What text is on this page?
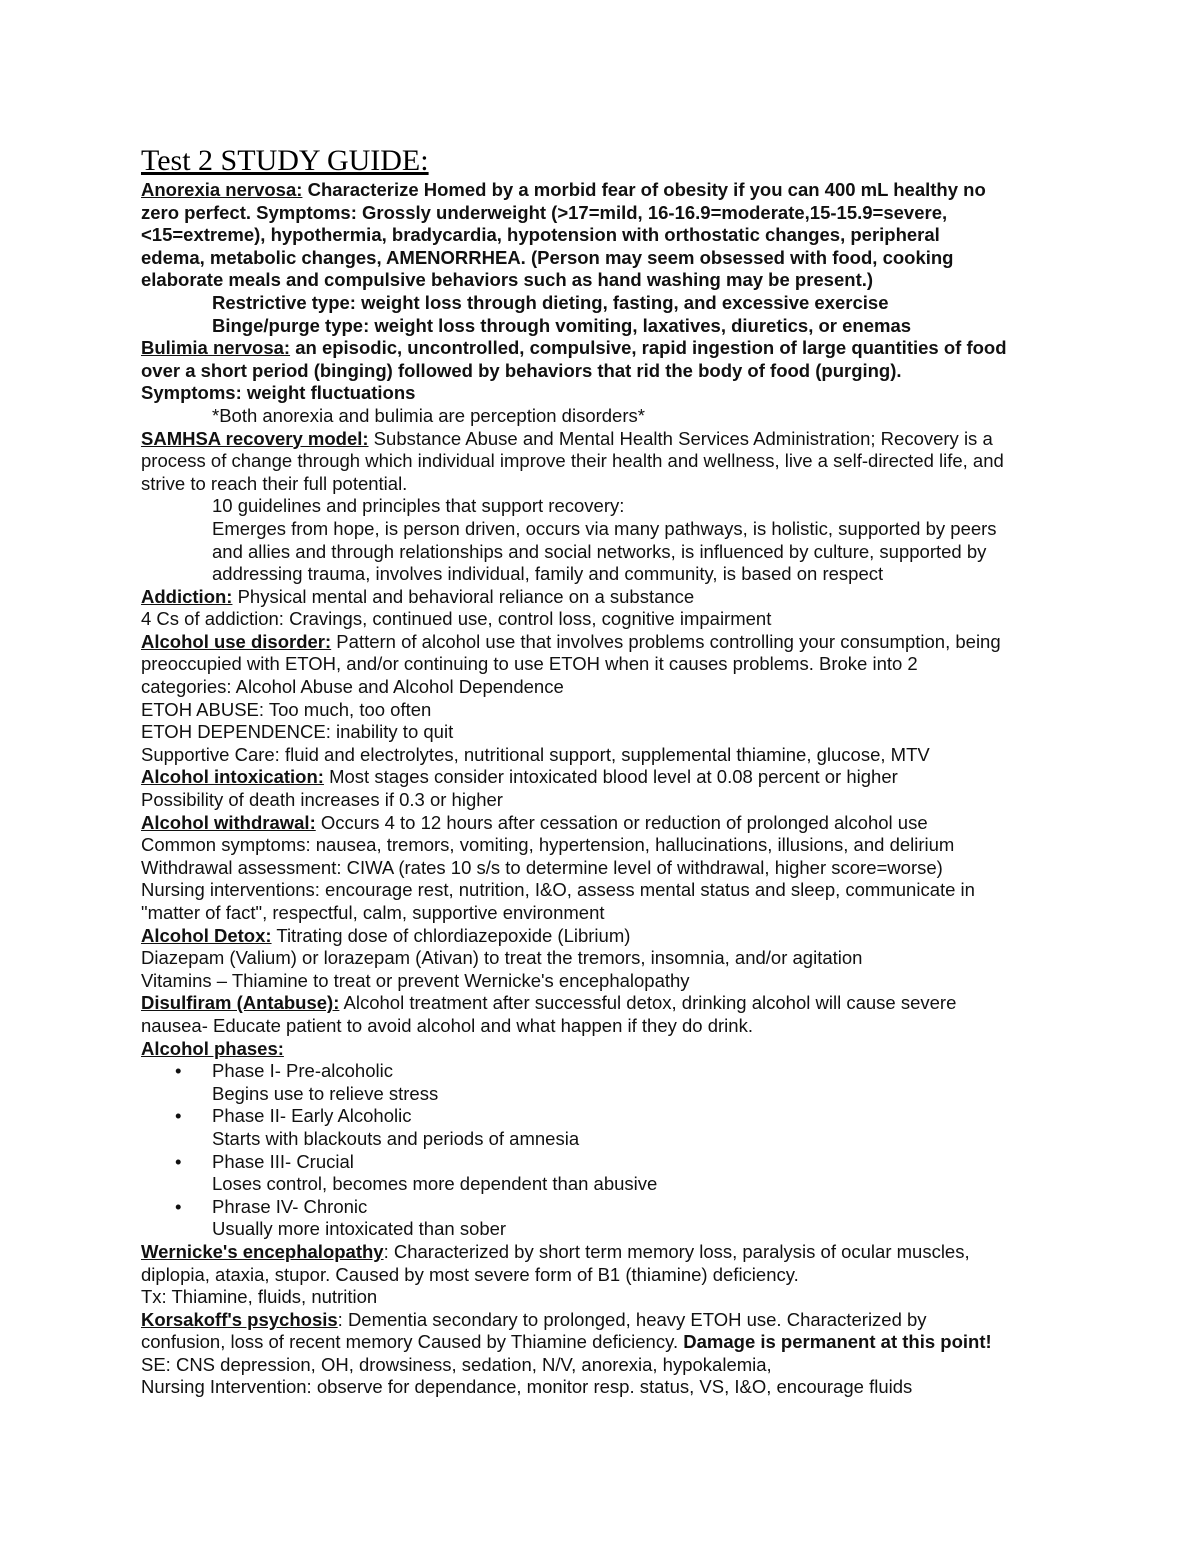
Test 2 STUDY GUIDE:
Anorexia nervosa: Characterize Homed by a morbid fear of obesity if you can 400 mL healthy no
zero perfect. Symptoms: Grossly underweight (>17=mild, 16-16.9=moderate,15-15.9=severe,
<15=extreme), hypothermia, bradycardia, hypotension with orthostatic changes, peripheral
edema, metabolic changes, AMENORRHEA. (Person may seem obsessed with food, cooking
elaborate meals and compulsive behaviors such as hand washing may be present.)
Restrictive type: weight loss through dieting, fasting, and excessive exercise
Binge/purge type: weight loss through vomiting, laxatives, diuretics, or enemas
Bulimia nervosa: an episodic, uncontrolled, compulsive, rapid ingestion of large quantities of food
over a short period (binging) followed by behaviors that rid the body of food (purging).
Symptoms: weight fluctuations
*Both anorexia and bulimia are perception disorders*
SAMHSA recovery model: Substance Abuse and Mental Health Services Administration; Recovery is a
process of change through which individual improve their health and wellness, live a self-directed life, and
strive to reach their full potential.
10 guidelines and principles that support recovery:
Emerges from hope, is person driven, occurs via many pathways, is holistic, supported by peers
and allies and through relationships and social networks, is influenced by culture, supported by
addressing trauma, involves individual, family and community, is based on respect
Addiction: Physical mental and behavioral reliance on a substance
4 Cs of addiction: Cravings, continued use, control loss, cognitive impairment
Alcohol use disorder: Pattern of alcohol use that involves problems controlling your consumption, being
preoccupied with ETOH, and/or continuing to use ETOH when it causes problems. Broke into 2
categories: Alcohol Abuse and Alcohol Dependence
ETOH ABUSE: Too much, too often
ETOH DEPENDENCE: inability to quit
Supportive Care: fluid and electrolytes, nutritional support, supplemental thiamine, glucose, MTV
Alcohol intoxication: Most stages consider intoxicated blood level at 0.08 percent or higher
Possibility of death increases if 0.3 or higher
Alcohol withdrawal: Occurs 4 to 12 hours after cessation or reduction of prolonged alcohol use
Common symptoms: nausea, tremors, vomiting, hypertension, hallucinations, illusions, and delirium
Withdrawal assessment: CIWA (rates 10 s/s to determine level of withdrawal, higher score=worse)
Nursing interventions: encourage rest, nutrition, I&O, assess mental status and sleep, communicate in
"matter of fact", respectful, calm, supportive environment
Alcohol Detox: Titrating dose of chlordiazepoxide (Librium)
Diazepam (Valium) or lorazepam (Ativan) to treat the tremors, insomnia, and/or agitation
Vitamins – Thiamine to treat or prevent Wernicke's encephalopathy
Disulfiram (Antabuse): Alcohol treatment after successful detox, drinking alcohol will cause severe
nausea- Educate patient to avoid alcohol and what happen if they do drink.
Alcohol phases:
• Phase I- Pre-alcoholic
Begins use to relieve stress
• Phase II- Early Alcoholic
Starts with blackouts and periods of amnesia
• Phase III- Crucial
Loses control, becomes more dependent than abusive
• Phrase IV- Chronic
Usually more intoxicated than sober
Wernicke's encephalopathy: Characterized by short term memory loss, paralysis of ocular muscles,
diplopia, ataxia, stupor. Caused by most severe form of B1 (thiamine) deficiency.
Tx: Thiamine, fluids, nutrition
Korsakoff's psychosis: Dementia secondary to prolonged, heavy ETOH use. Characterized by
confusion, loss of recent memory Caused by Thiamine deficiency. Damage is permanent at this point!
SE: CNS depression, OH, drowsiness, sedation, N/V, anorexia, hypokalemia,
Nursing Intervention: observe for dependance, monitor resp. status, VS, I&O, encourage fluids
